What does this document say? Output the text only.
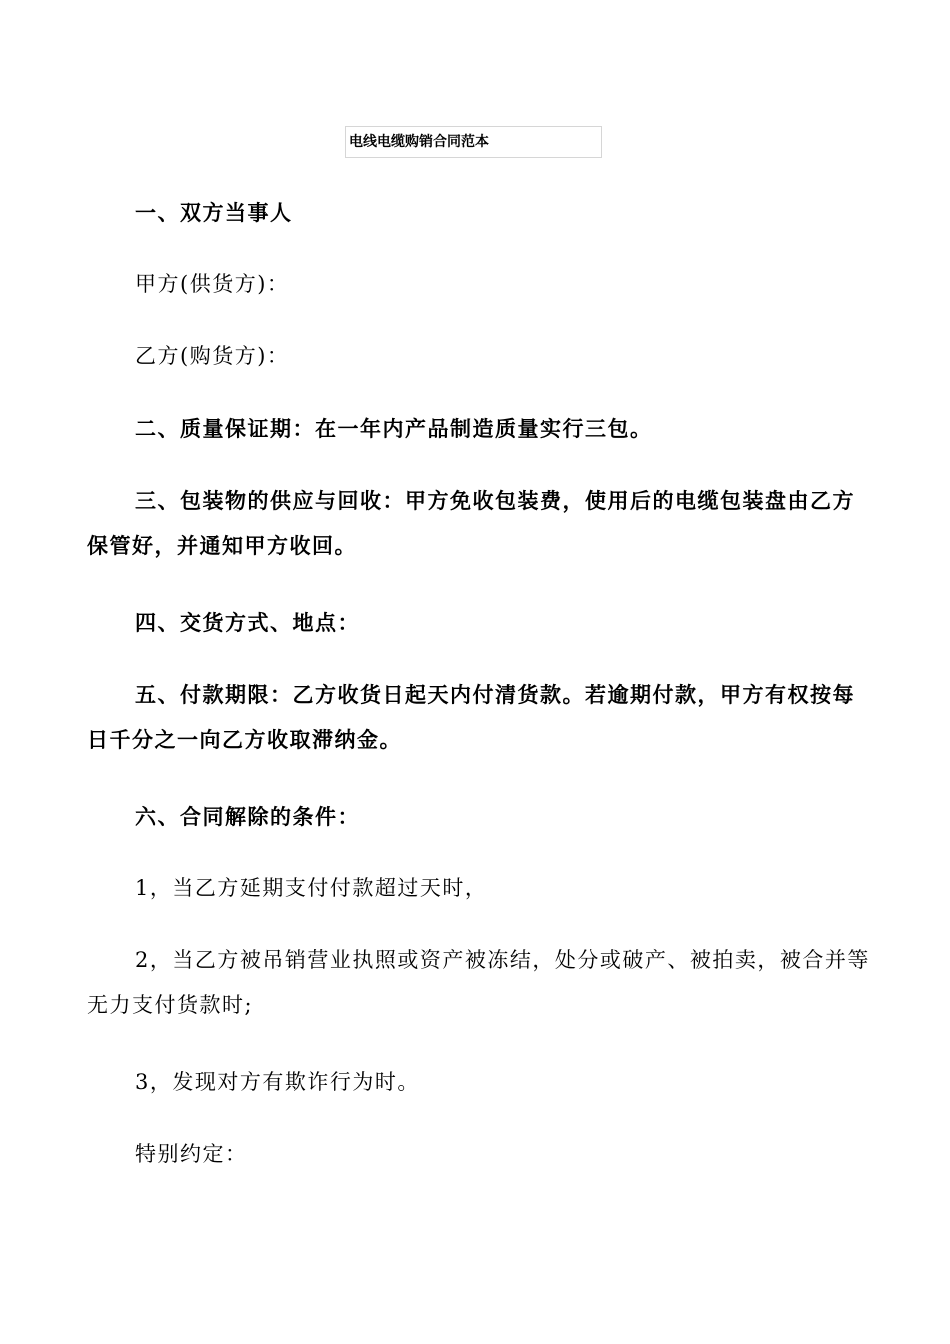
电线电缆购销合同范本

一、双方当事人

甲方(供货方)：

乙方(购货方)：

二、质量保证期：在一年内产品制造质量实行三包。

三、包装物的供应与回收：甲方免收包装费，使用后的电缆包装盘由乙方保管好，并通知甲方收回。

四、交货方式、地点：

五、付款期限：乙方收货日起天内付清货款。若逾期付款，甲方有权按每日千分之一向乙方收取滞纳金。

六、合同解除的条件：

1，当乙方延期支付付款超过天时，

2，当乙方被吊销营业执照或资产被冻结，处分或破产、被拍卖，被合并等无力支付货款时;

3，发现对方有欺诈行为时。

特别约定：
